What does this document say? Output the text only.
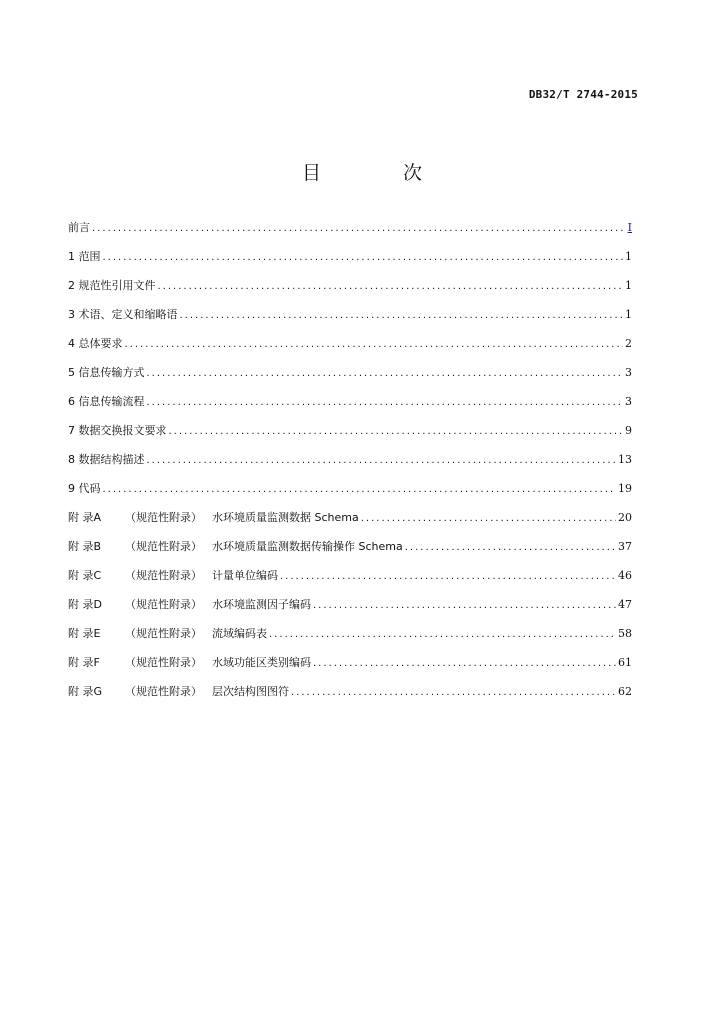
DB32/T 2744-2015
目 次
前言 .....	I
1 范围 .....	1
2 规范性引用文件 .....	1
3 术语、定义和缩略语 .....	1
4 总体要求 .....	2
5 信息传输方式 .....	3
6 信息传输流程 .....	3
7 数据交换报文要求 .....	9
8 数据结构描述 .....	13
9 代码 .....	19
附 录A （规范性附录） 水环境质量监测数据 Schema .....	20
附 录B （规范性附录） 水环境质量监测数据传输操作 Schema .....	37
附 录C （规范性附录） 计量单位编码 .....	46
附 录D （规范性附录） 水环境监测因子编码 .....	47
附 录E （规范性附录） 流域编码表 .....	58
附 录F （规范性附录） 水域功能区类别编码 .....	61
附 录G （规范性附录） 层次结构图图符 .....	62
